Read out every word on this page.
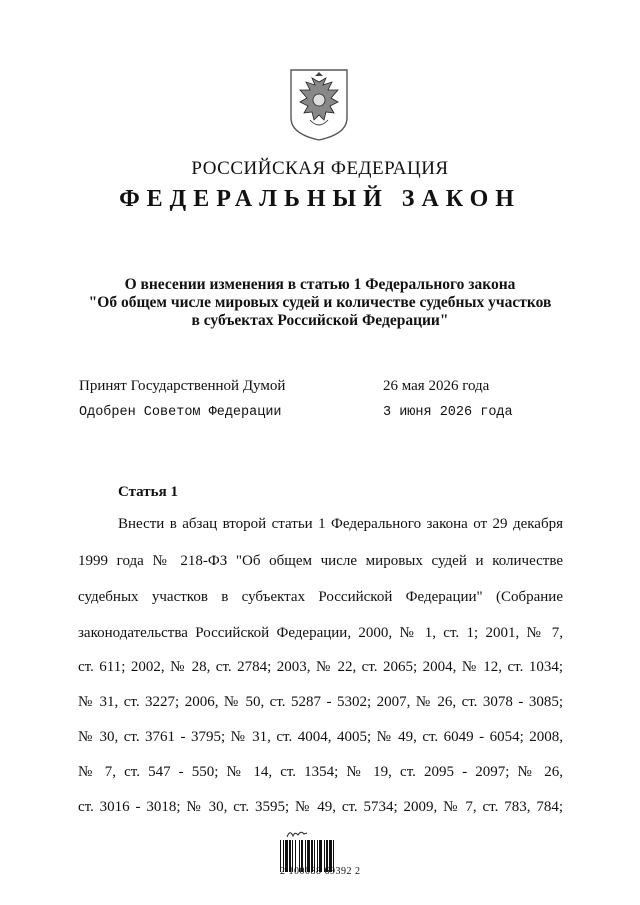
РОССИЙСКАЯ ФЕДЕРАЦИЯ
ФЕДЕРАЛЬНЫЙ ЗАКОН
О внесении изменения в статью 1 Федерального закона
"Об общем числе мировых судей и количестве судебных участков
в субъектах Российской Федерации"
Принят Государственной Думой	26 мая 2026 года
Одобрен Советом Федерации	3 июня 2026 года
Статья 1
Внести в абзац второй статьи 1 Федерального закона от 29 декабря
1999 года № 218-ФЗ "Об общем числе мировых судей и количестве
судебных участков в субъектах Российской Федерации" (Собрание
законодательства Российской Федерации, 2000, № 1, ст. 1; 2001, № 7,
ст. 611; 2002, № 28, ст. 2784; 2003, № 22, ст. 2065; 2004, № 12, ст. 1034;
№ 31, ст. 3227; 2006, № 50, ст. 5287 - 5302; 2007, № 26, ст. 3078 - 3085;
№ 30, ст. 3761 - 3795; № 31, ст. 4004, 4005; № 49, ст. 6049 - 6054; 2008,
№ 7, ст. 547 - 550; № 14, ст. 1354; № 19, ст. 2095 - 2097; № 26,
ст. 3016 - 3018; № 30, ст. 3595; № 49, ст. 5734; 2009, № 7, ст. 783, 784;
2 100088 69392 2
